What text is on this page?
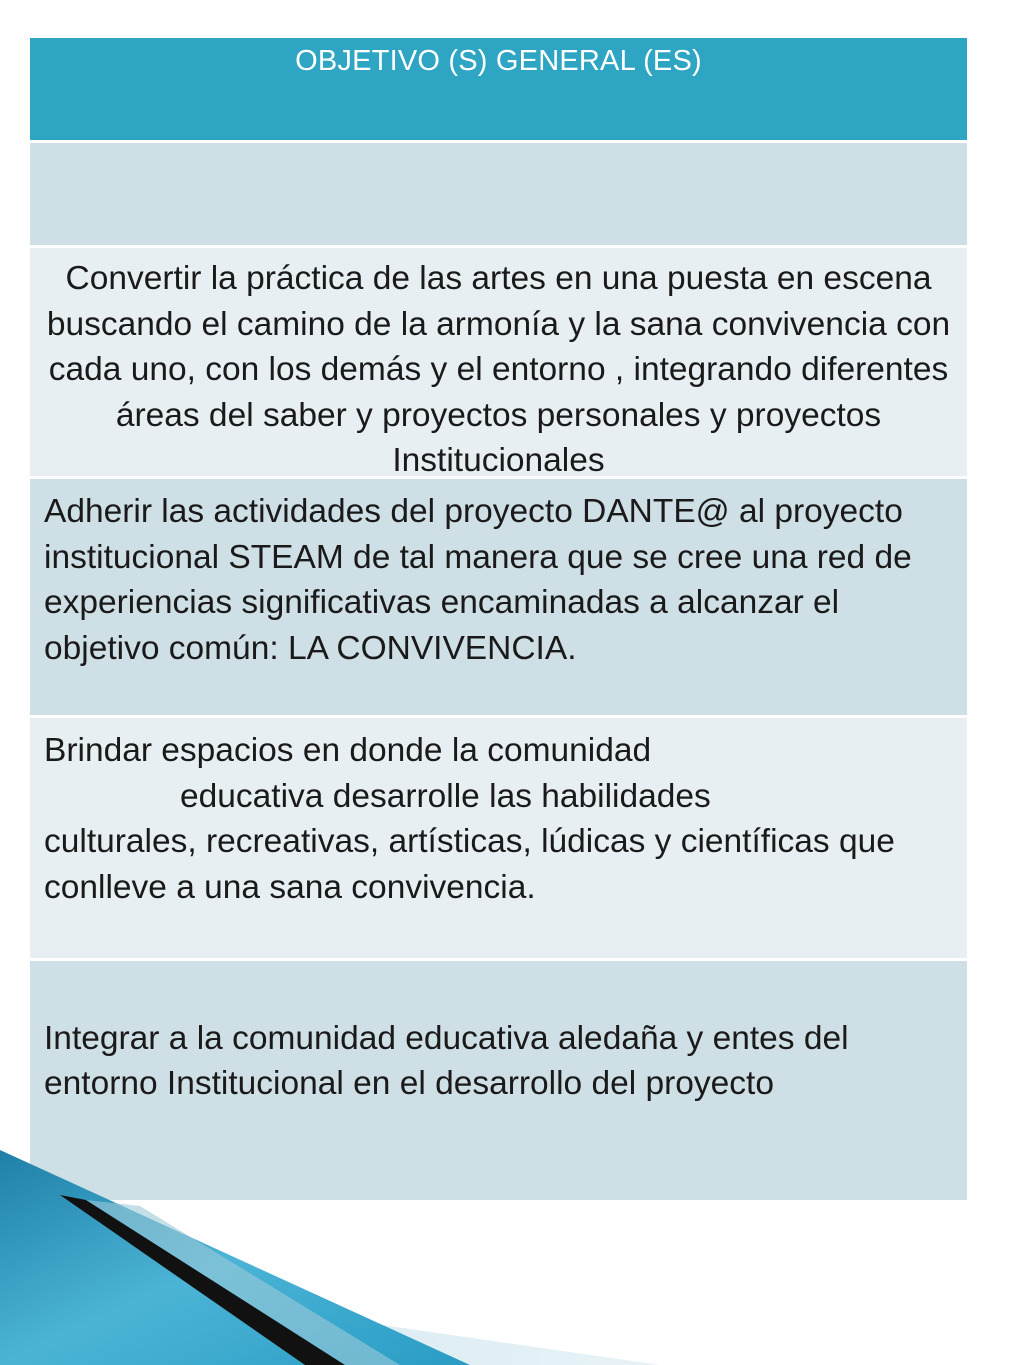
OBJETIVO (S) GENERAL (ES)
Convertir la práctica de las artes en una puesta en escena buscando el camino de la armonía y la sana convivencia con cada uno, con los demás y el entorno , integrando diferentes áreas del saber y proyectos personales y proyectos Institucionales
Adherir las actividades del proyecto DANTE@ al proyecto institucional STEAM de tal manera que se cree una red de experiencias significativas encaminadas a alcanzar el objetivo común: LA CONVIVENCIA.
Brindar espacios en donde la comunidad
educativa desarrolle las habilidades
culturales, recreativas, artísticas, lúdicas y científicas que conlleve a una sana convivencia.
Integrar a la comunidad educativa aledaña y entes del entorno Institucional en el desarrollo del proyecto
